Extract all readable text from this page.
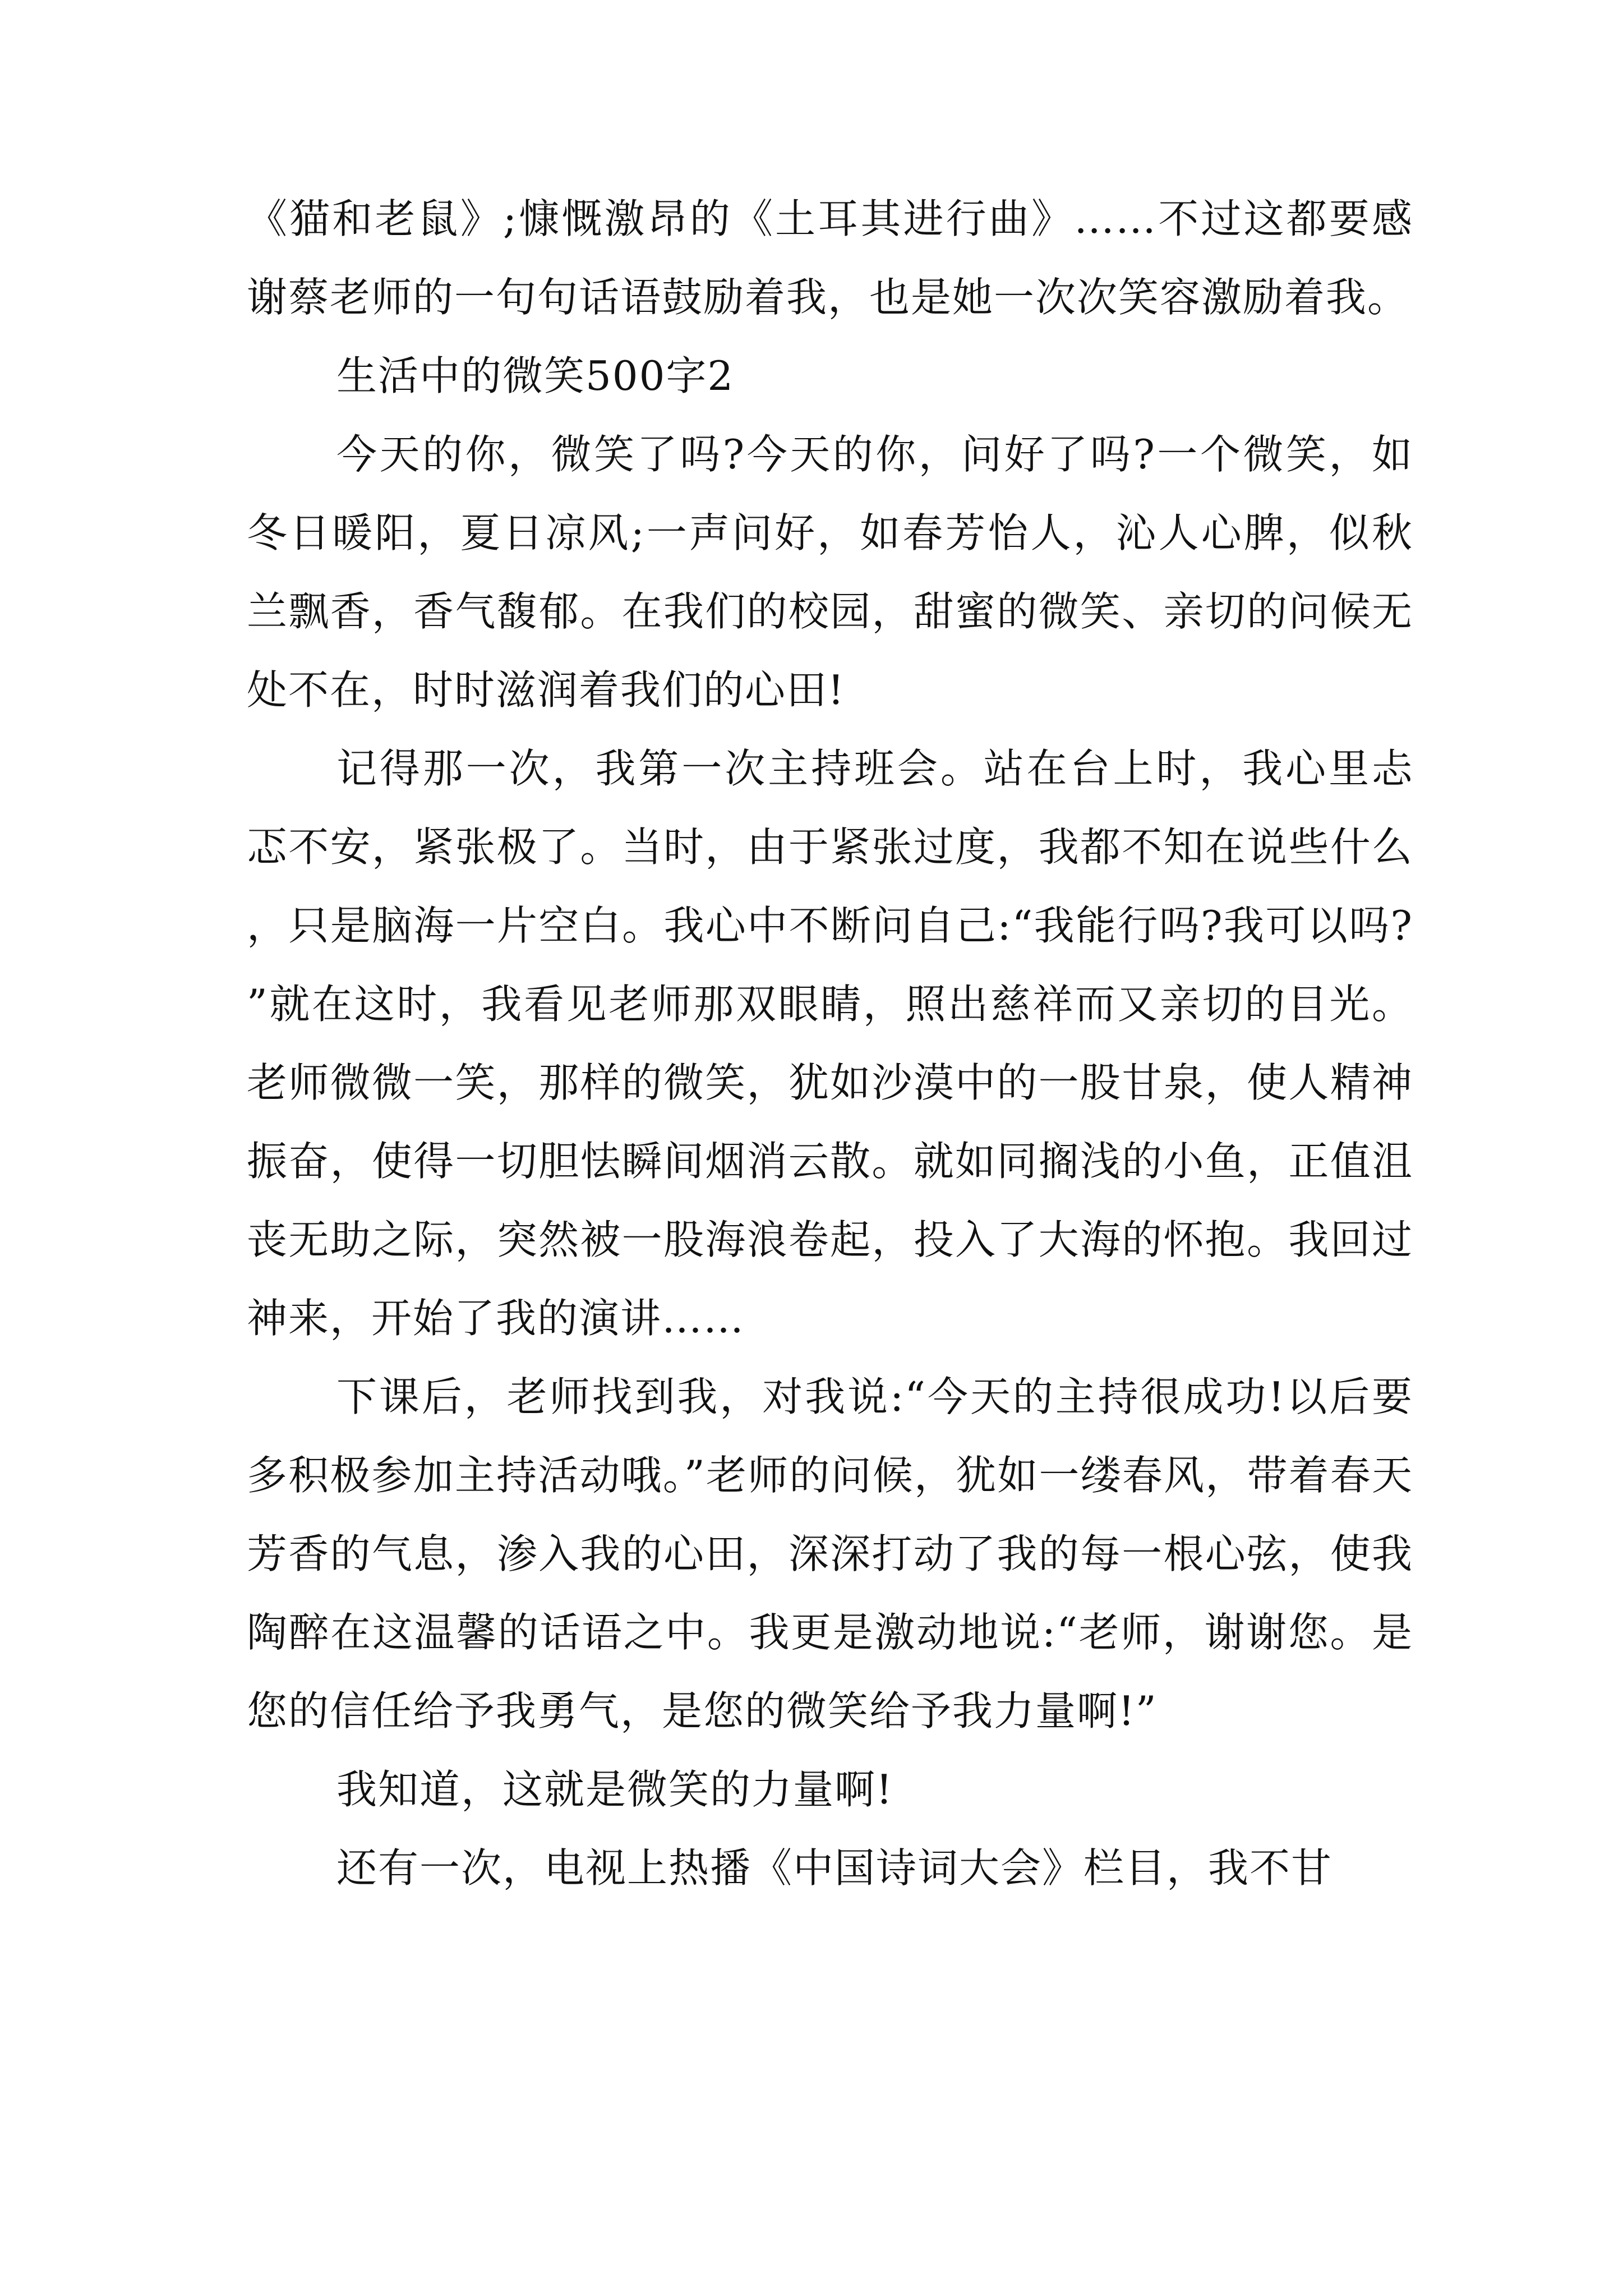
《猫和老鼠》;慷慨激昂的《土耳其进行曲》……不过这都要感谢蔡老师的一句句话语鼓励着我，也是她一次次笑容激励着我。

生活中的微笑500字2

今天的你，微笑了吗?今天的你，问好了吗?一个微笑，如冬日暖阳，夏日凉风;一声问好，如春芳怡人，沁人心脾，似秋兰飘香，香气馥郁。在我们的校园，甜蜜的微笑、亲切的问候无处不在，时时滋润着我们的心田!

记得那一次，我第一次主持班会。站在台上时，我心里忐忑不安，紧张极了。当时，由于紧张过度，我都不知在说些什么，只是脑海一片空白。我心中不断问自己:“我能行吗?我可以吗?”就在这时，我看见老师那双眼睛，照出慈祥而又亲切的目光。老师微微一笑，那样的微笑，犹如沙漠中的一股甘泉，使人精神振奋，使得一切胆怯瞬间烟消云散。就如同搁浅的小鱼，正值沮丧无助之际，突然被一股海浪卷起，投入了大海的怀抱。我回过神来，开始了我的演讲……

下课后，老师找到我，对我说:“今天的主持很成功!以后要多积极参加主持活动哦。”老师的问候，犹如一缕春风，带着春天芳香的气息，渗入我的心田，深深打动了我的每一根心弦，使我陶醉在这温馨的话语之中。我更是激动地说:“老师，谢谢您。是您的信任给予我勇气，是您的微笑给予我力量啊!”

我知道，这就是微笑的力量啊!

还有一次，电视上热播《中国诗词大会》栏目，我不甘
